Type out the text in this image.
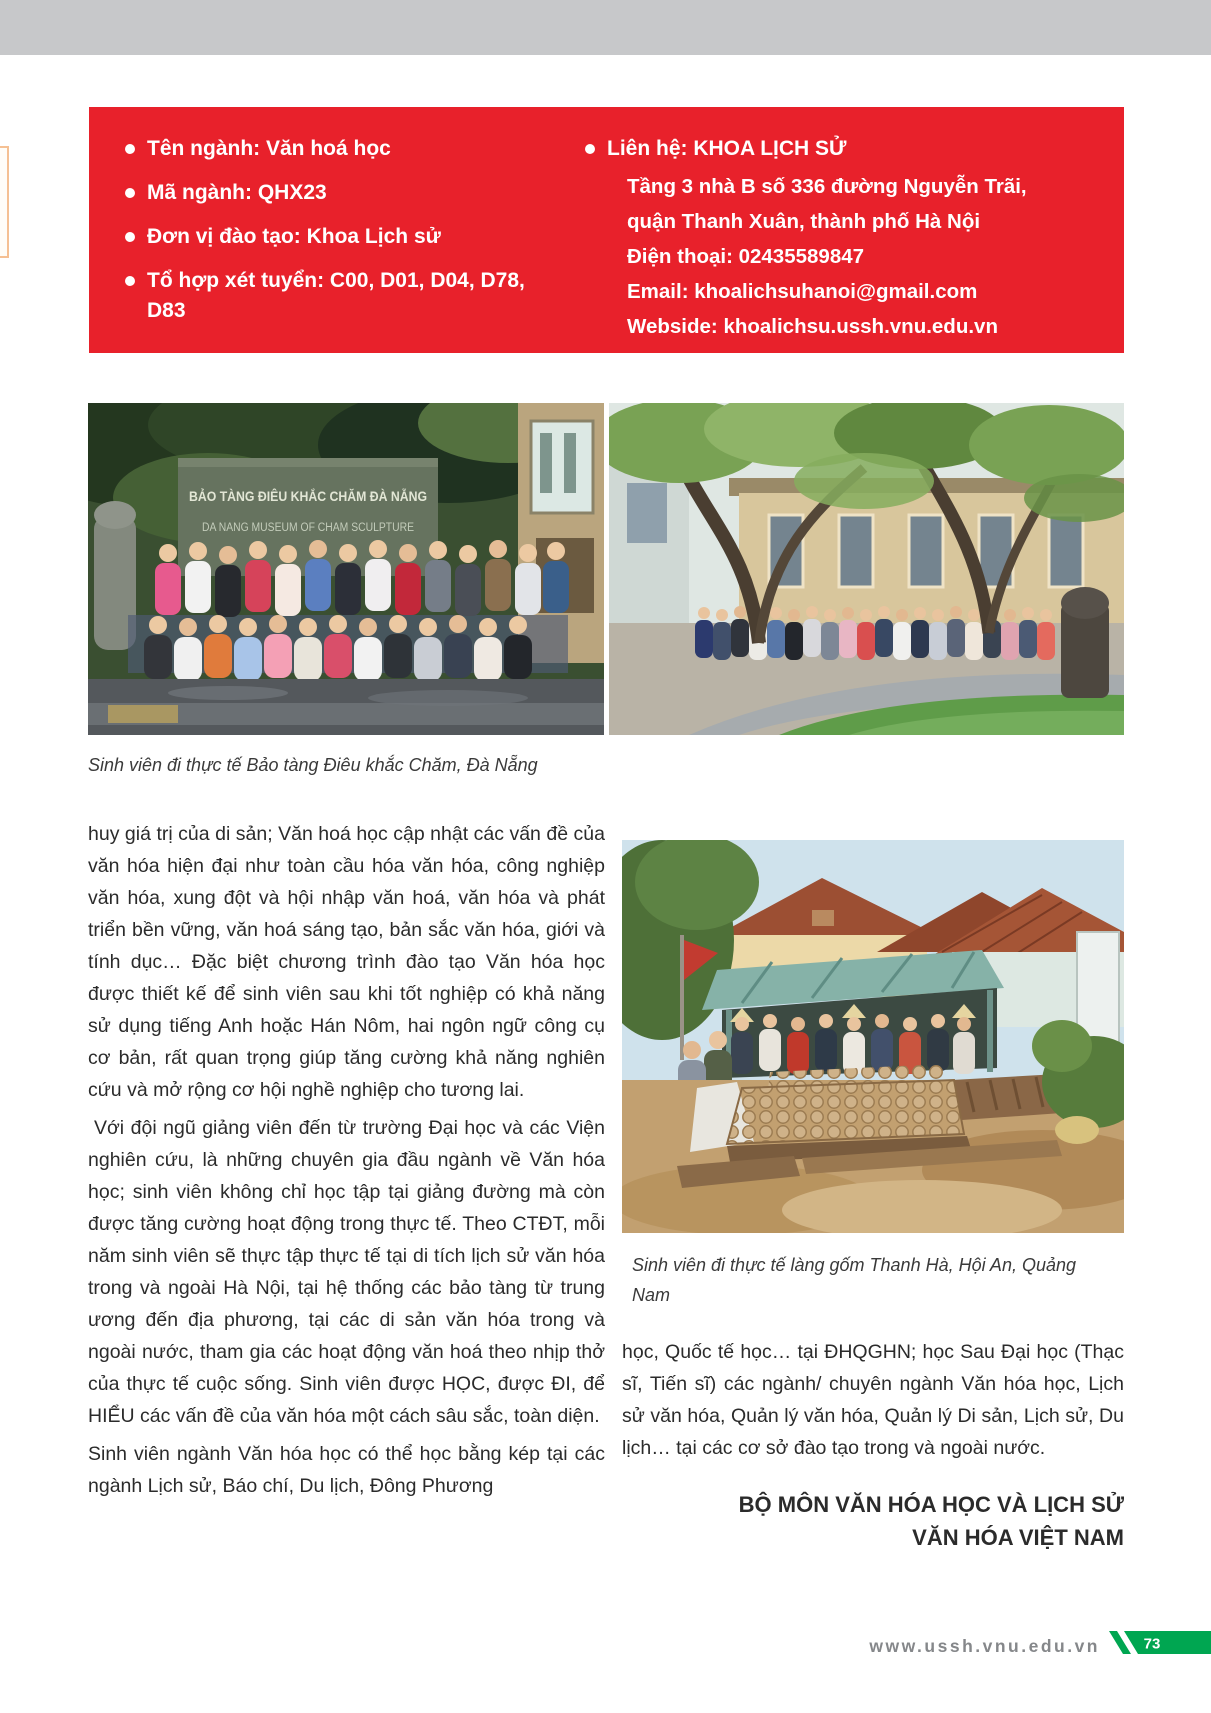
Tên ngành: Văn hoá học
Mã ngành: QHX23
Đơn vị đào tạo: Khoa Lịch sử
Tổ hợp xét tuyển: C00, D01, D04, D78, D83
Liên hệ: KHOA LỊCH SỬ
Tầng 3 nhà B số 336 đường Nguyễn Trãi,
quận Thanh Xuân, thành phố Hà Nội
Điện thoại: 02435589847
Email: khoalichsuhanoi@gmail.com
Webside: khoalichsu.ussh.vnu.edu.vn
BẢO TÀNG ĐIÊU KHẮC CHĂM ĐÀ NẴNG
DA NANG MUSEUM OF CHAM SCULPTURE
Sinh viên đi thực tế Bảo tàng Điêu khắc Chăm, Đà Nẵng

huy giá trị của di sản; Văn hoá học cập nhật các vấn đề của văn hóa hiện đại như toàn cầu hóa văn hóa, công nghiệp văn hóa, xung đột và hội nhập văn hoá, văn hóa và phát triển bền vững, văn hoá sáng tạo, bản sắc văn hóa, giới và tính dục… Đặc biệt chương trình đào tạo Văn hóa học được thiết kế để sinh viên sau khi tốt nghiệp có khả năng sử dụng tiếng Anh hoặc Hán Nôm, hai ngôn ngữ công cụ cơ bản, rất quan trọng giúp tăng cường khả năng nghiên cứu và mở rộng cơ hội nghề nghiệp cho tương lai.

Với đội ngũ giảng viên đến từ trường Đại học và các Viện nghiên cứu, là những chuyên gia đầu ngành về Văn hóa học; sinh viên không chỉ học tập tại giảng đường mà còn được tăng cường hoạt động trong thực tế. Theo CTĐT, mỗi năm sinh viên sẽ thực tập thực tế tại di tích lịch sử văn hóa trong và ngoài Hà Nội, tại hệ thống các bảo tàng từ trung ương đến địa phương, tại các di sản văn hóa trong và ngoài nước, tham gia các hoạt động văn hoá theo nhịp thở của thực tế cuộc sống. Sinh viên được HỌC, được ĐI, để HIỂU các vấn đề của văn hóa một cách sâu sắc, toàn diện.

Sinh viên ngành Văn hóa học có thể học bằng kép tại các ngành Lịch sử, Báo chí, Du lịch, Đông Phương

Sinh viên đi thực tế làng gốm Thanh Hà, Hội An, Quảng Nam

học, Quốc tế học… tại ĐHQGHN; học Sau Đại học (Thạc sĩ, Tiến sĩ) các ngành/ chuyên ngành Văn hóa học, Lịch sử văn hóa, Quản lý văn hóa, Quản lý Di sản, Lịch sử, Du lịch… tại các cơ sở đào tạo trong và ngoài nước.

BỘ MÔN VĂN HÓA HỌC VÀ LỊCH SỬ
VĂN HÓA VIỆT NAM
www.ussh.vnu.edu.vn	73
